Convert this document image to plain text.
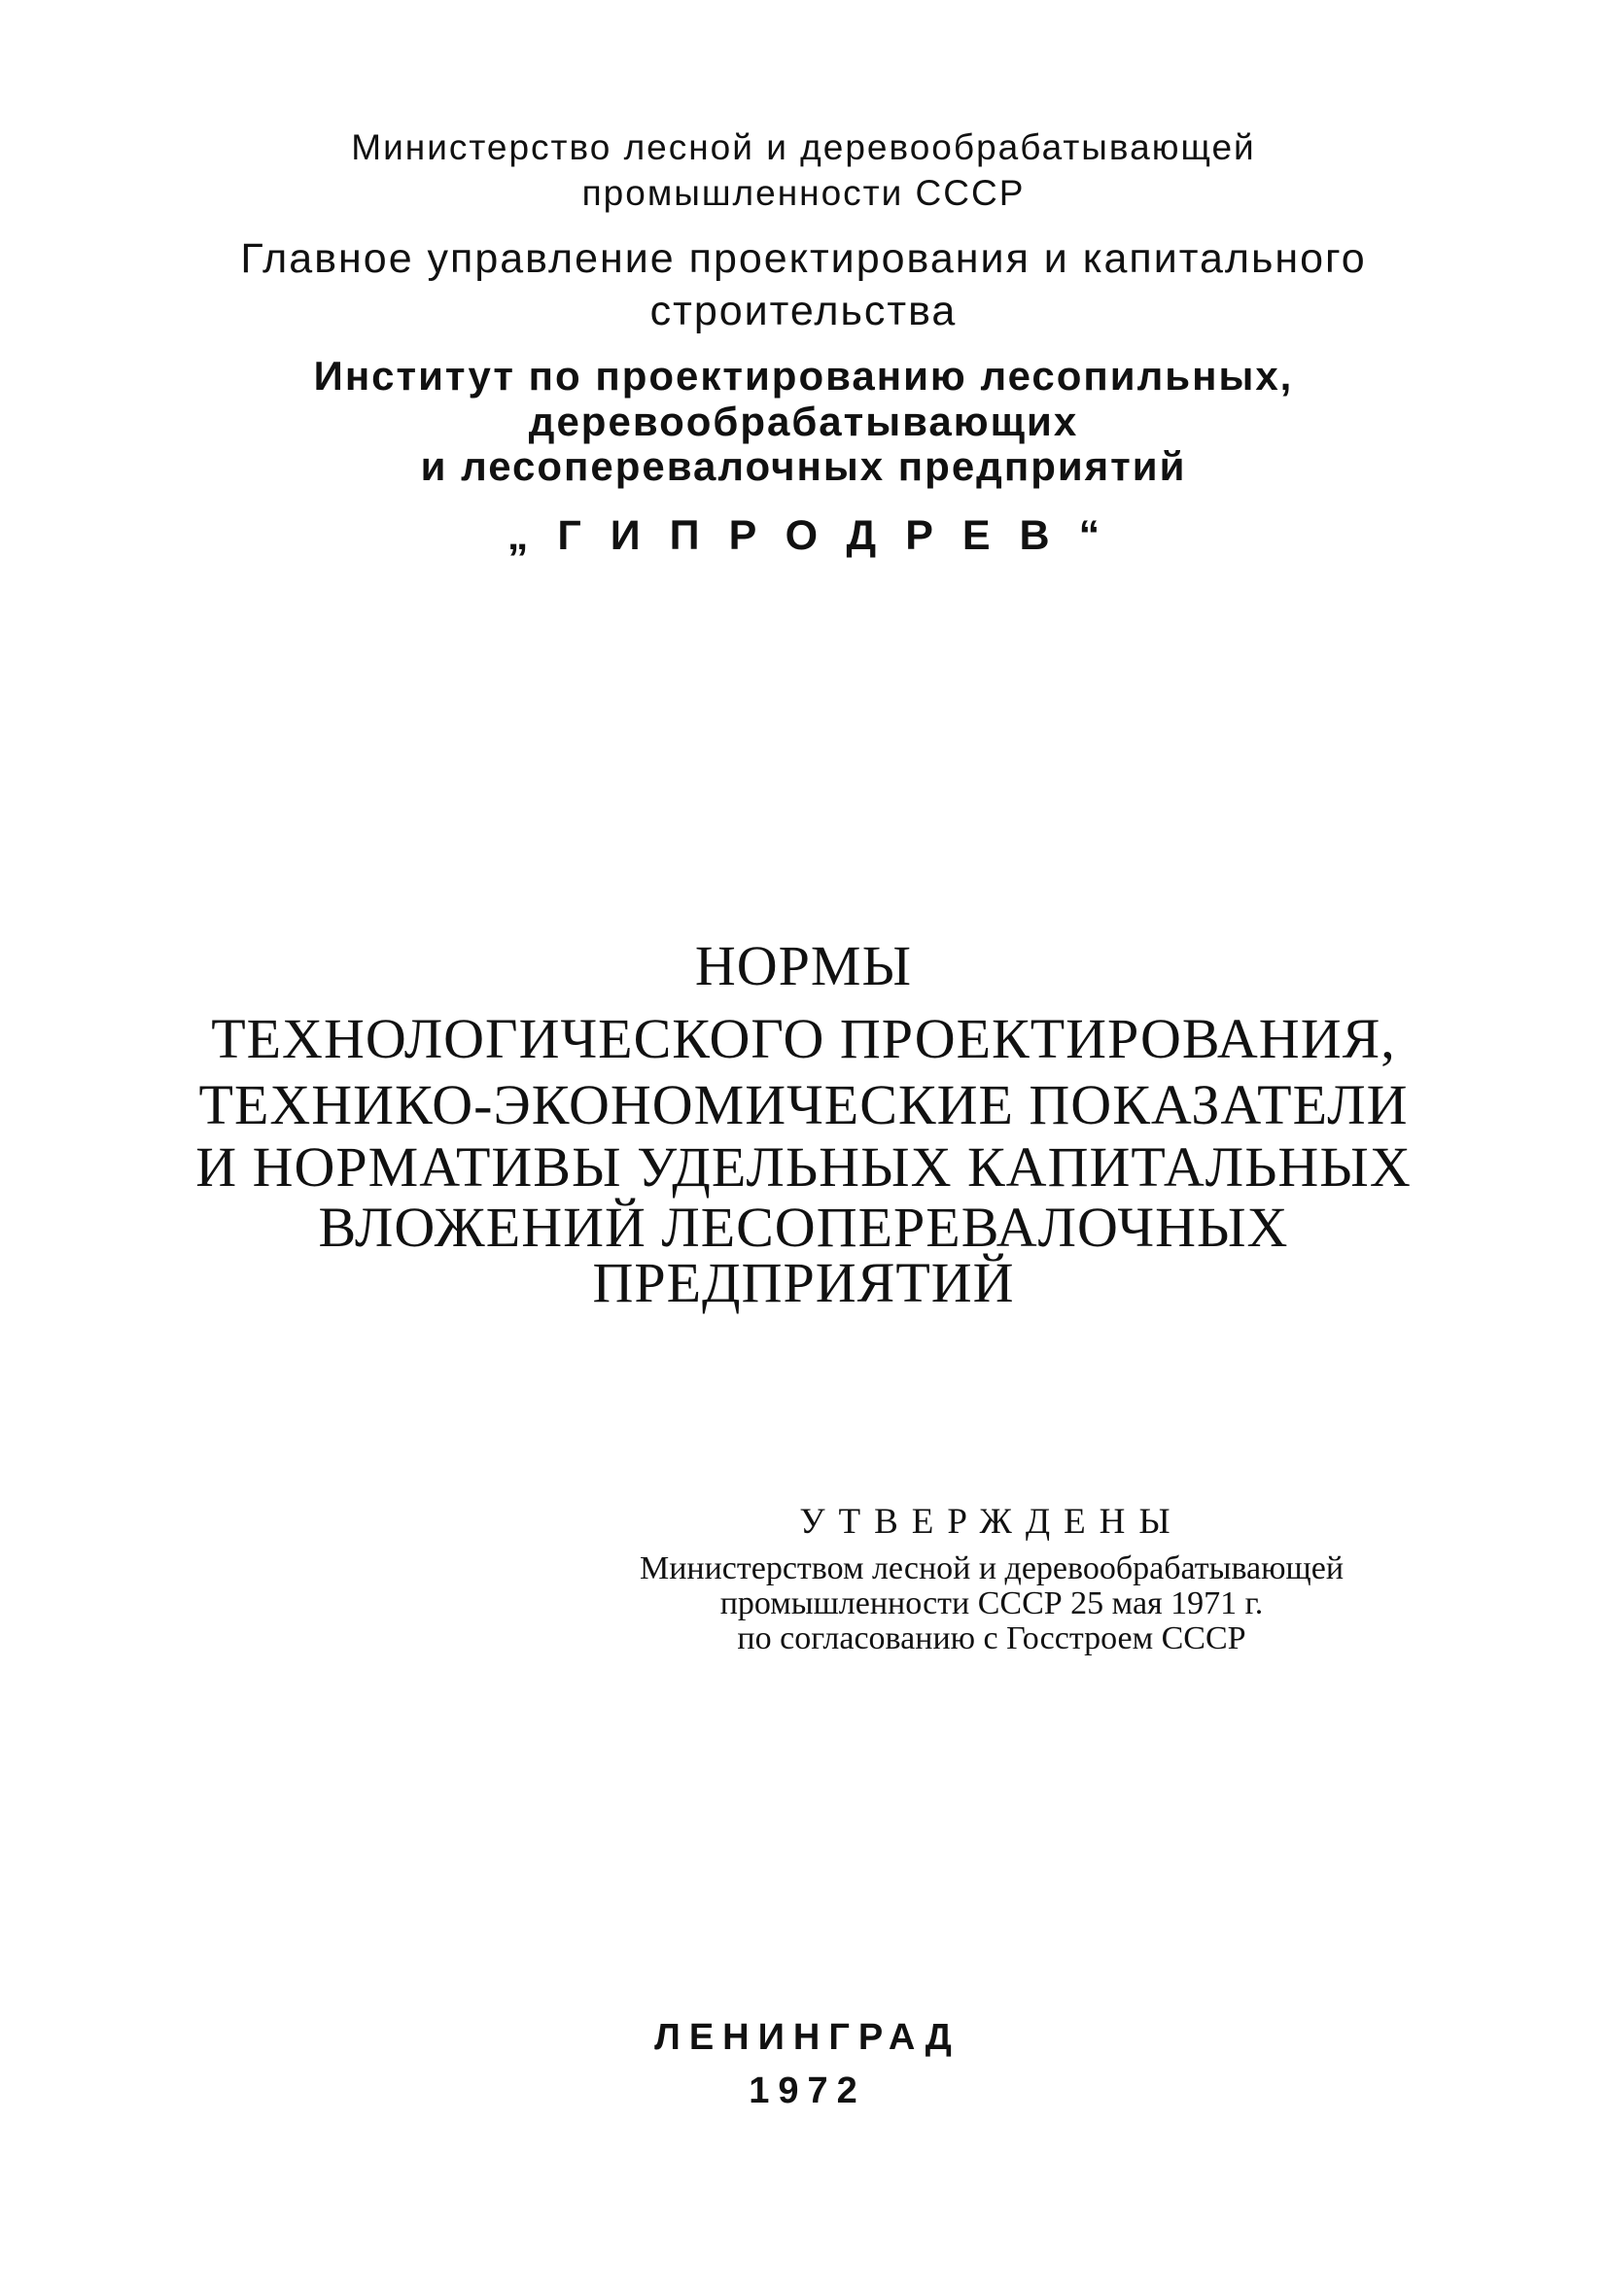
Министерство лесной и деревообрабатывающей
промышленности СССР
Главное управление проектирования и капитального
строительства
Институт по проектированию лесопильных,
деревообрабатывающих
и лесоперевалочных предприятий
„ГИПРОДРЕВ“
НОРМЫ
ТЕХНОЛОГИЧЕСКОГО ПРОЕКТИРОВАНИЯ,
ТЕХНИКО-ЭКОНОМИЧЕСКИЕ ПОКАЗАТЕЛИ
И НОРМАТИВЫ УДЕЛЬНЫХ КАПИТАЛЬНЫХ
ВЛОЖЕНИЙ ЛЕСОПЕРЕВАЛОЧНЫХ
ПРЕДПРИЯТИЙ
УТВЕРЖДЕНЫ
Министерством лесной и деревообрабатывающей
промышленности СССР 25 мая 1971 г.
по согласованию с Госстроем СССР
ЛЕНИНГРАД
1972
